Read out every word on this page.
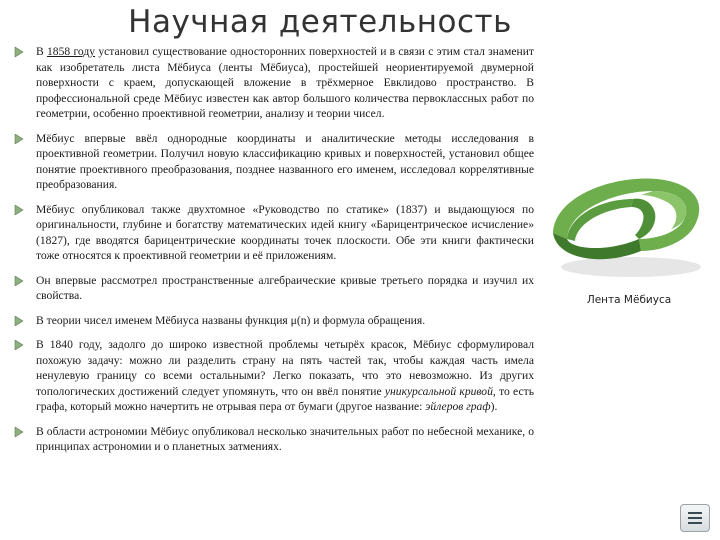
Научная деятельность
В 1858 году установил существование односторонних поверхностей и в связи с этим стал знаменит как изобретатель листа Мёбиуса (ленты Мёбиуса), простейшей неориентируемой двумерной поверхности с краем, допускающей вложение в трёхмерное Евклидово пространство. В профессиональной среде Мёбиус известен как автор большого количества первоклассных работ по геометрии, особенно проективной геометрии, анализу и теории чисел.
Мёбиус впервые ввёл однородные координаты и аналитические методы исследования в проективной геометрии. Получил новую классификацию кривых и поверхностей, установил общее понятие проективного преобразования, позднее названного его именем, исследовал коррелятивные преобразования.
Мёбиус опубликовал также двухтомное «Руководство по статике» (1837) и выдающуюся по оригинальности, глубине и богатству математических идей книгу «Барицентрическое исчисление» (1827), где вводятся барицентрические координаты точек плоскости. Обе эти книги фактически тоже относятся к проективной геометрии и её приложениям.
Он впервые рассмотрел пространственные алгебраические кривые третьего порядка и изучил их свойства.
В теории чисел именем Мёбиуса названы функция μ(n) и формула обращения.
В 1840 году, задолго до широко известной проблемы четырёх красок, Мёбиус сформулировал похожую задачу: можно ли разделить страну на пять частей так, чтобы каждая часть имела ненулевую границу со всеми остальными? Легко показать, что это невозможно. Из других топологических достижений следует упомянуть, что он ввёл понятие уникурсальной кривой, то есть графа, который можно начертить не отрывая пера от бумаги (другое название: эйлеров граф).
В области астрономии Мёбиус опубликовал несколько значительных работ по небесной механике, о принципах астрономии и о планетных затмениях.
Лента Мёбиуса
